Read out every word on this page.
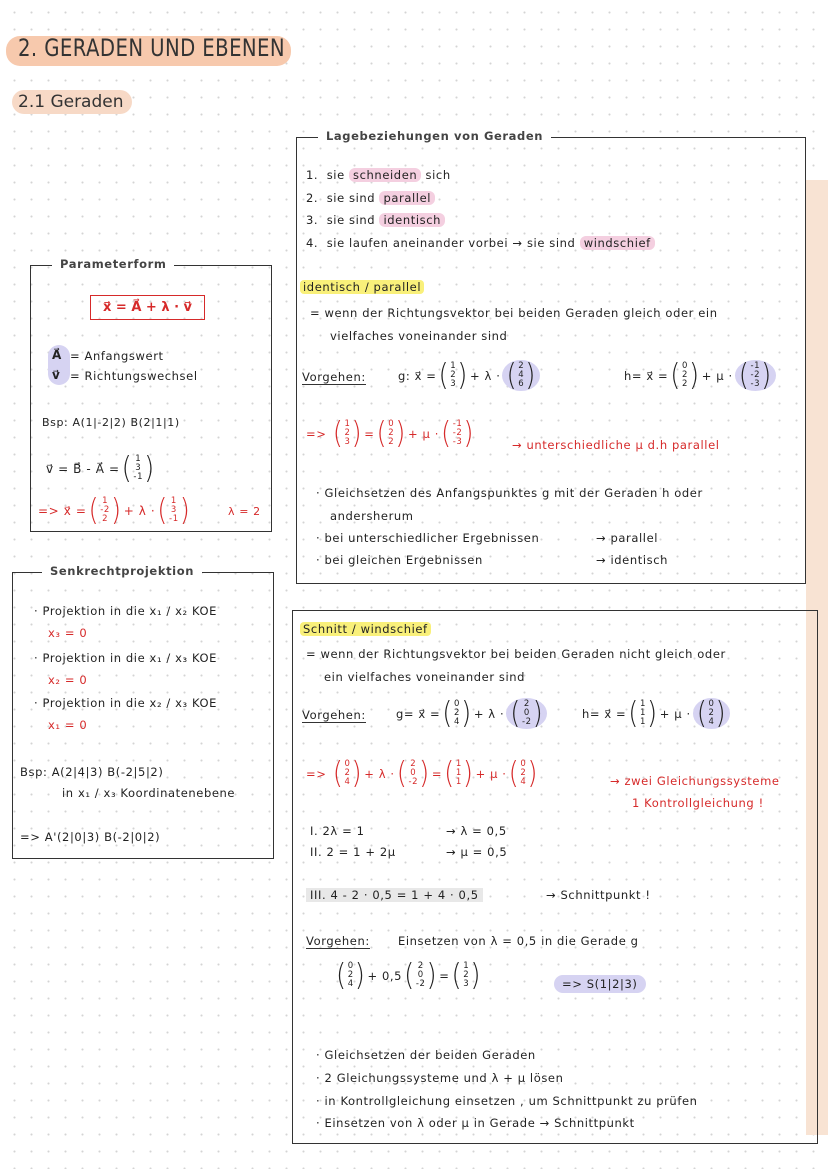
2. GERADEN UND EBENEN
2.1 Geraden
Parameterform
x⃗ = A⃗ + λ · v⃗
A⃗ = Anfangswert
v⃗ = Richtungswechsel
Bsp: A(1|-2|2) B(2|1|1)
v⃗ = B⃗ - A⃗ = ( 1
3
-1 )
=> x⃗ = ( 1
-2
2 ) + λ · ( 1
3
-1 )	λ = 2
Senkrechtprojektion
· Projektion in die x₁ / x₂ KOE
x₃ = 0
· Projektion in die x₁ / x₃ KOE
x₂ = 0
· Projektion in die x₂ / x₃ KOE
x₁ = 0
Bsp: A(2|4|3) B(-2|5|2)
in x₁ / x₃ Koordinatenebene
=> A'(2|0|3) B(-2|0|2)
Lagebeziehungen von Geraden
1. sie schneiden sich
2. sie sind parallel
3. sie sind identisch
4. sie laufen aneinander vorbei → sie sind windschief
identisch / parallel
= wenn der Richtungsvektor bei beiden Geraden gleich oder ein
vielfaches voneinander sind
Vorgehen:	g: x⃗ = ( 1
2
3 ) + λ · ( 2
4
6 )	h= x⃗ = ( 0
2
2 ) + μ · ( -1
-2
-3 )
=>
( 1
2
3 ) = ( 0
2
2 ) + μ · ( -1
-2
-3 )	→ unterschiedliche μ d.h parallel
· Gleichsetzen des Anfangspunktes g mit der Geraden h oder
andersherum
· bei unterschiedlicher Ergebnissen	→ parallel
· bei gleichen Ergebnissen	→ identisch
Schnitt / windschief
= wenn der Richtungsvektor bei beiden Geraden nicht gleich oder
ein vielfaches voneinander sind
Vorgehen:	g= x⃗ = ( 0
2
4 ) + λ · ( 2
0
-2 )	h= x⃗ = ( 1
1
1 ) + μ · ( 0
2
4 )
=>
( 0
2
4 ) + λ · ( 2
0
-2 ) = ( 1
1
1 ) + μ · ( 0
2
4 )	→ zwei Gleichungssysteme
1 Kontrollgleichung !
I. 2λ = 1	→ λ = 0,5
II. 2 = 1 + 2μ	→ μ = 0,5
III. 4 - 2 · 0,5 = 1 + 4 · 0,5	→ Schnittpunkt !
Vorgehen: Einsetzen von λ = 0,5 in die Gerade g
( 0
2
4 ) + 0,5 ( 2
0
-2 ) = ( 1
2
3 )	=> S(1|2|3)
· Gleichsetzen der beiden Geraden
· 2 Gleichungssysteme und λ + μ lösen
· in Kontrollgleichung einsetzen , um Schnittpunkt zu prüfen
· Einsetzen von λ oder μ in Gerade → Schnittpunkt
